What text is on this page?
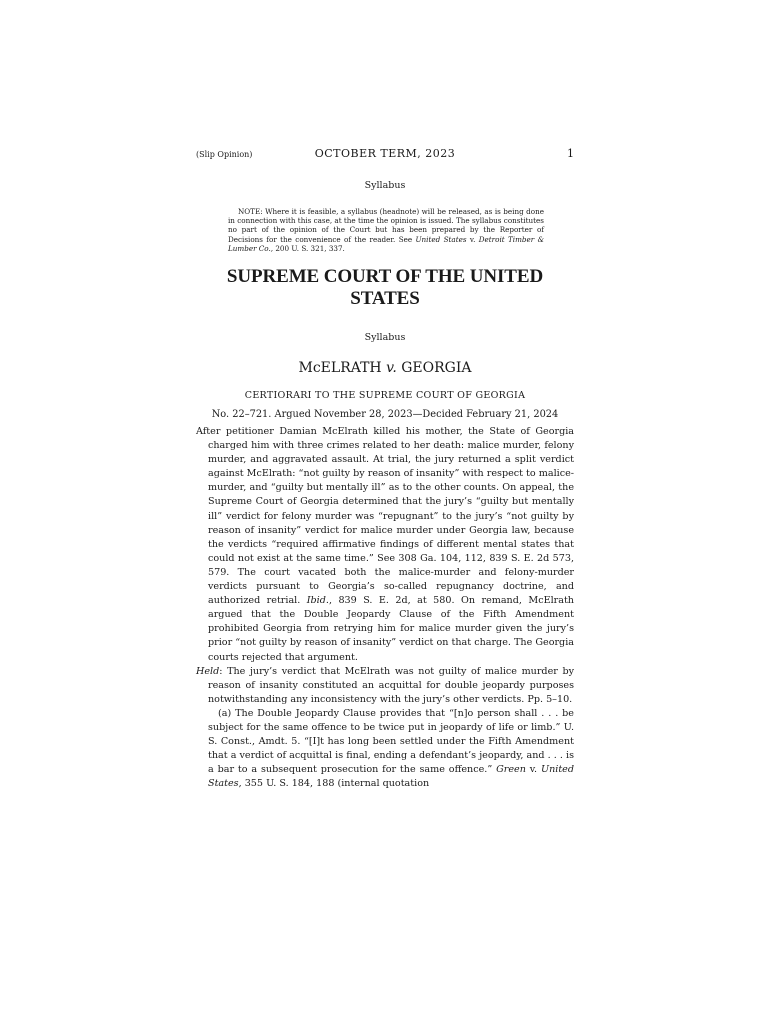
(Slip Opinion)	OCTOBER TERM, 2023	1
Syllabus
NOTE: Where it is feasible, a syllabus (headnote) will be released, as is being done in connection with this case, at the time the opinion is issued. The syllabus constitutes no part of the opinion of the Court but has been prepared by the Reporter of Decisions for the convenience of the reader. See United States v. Detroit Timber & Lumber Co., 200 U. S. 321, 337.
SUPREME COURT OF THE UNITED STATES
Syllabus
McELRATH v. GEORGIA
CERTIORARI TO THE SUPREME COURT OF GEORGIA
No. 22–721. Argued November 28, 2023—Decided February 21, 2024

After petitioner Damian McElrath killed his mother, the State of Georgia charged him with three crimes related to her death: malice murder, felony murder, and aggravated assault. At trial, the jury returned a split verdict against McElrath: “not guilty by reason of insanity” with respect to malice-murder, and “guilty but mentally ill” as to the other counts. On appeal, the Supreme Court of Georgia determined that the jury’s “guilty but mentally ill” verdict for felony murder was “repugnant” to the jury’s “not guilty by reason of insanity” verdict for malice murder under Georgia law, because the verdicts “required affirmative findings of different mental states that could not exist at the same time.” See 308 Ga. 104, 112, 839 S. E. 2d 573, 579. The court vacated both the malice-murder and felony-murder verdicts pursuant to Georgia’s so-called repugnancy doctrine, and authorized retrial. Ibid., 839 S. E. 2d, at 580. On remand, McElrath argued that the Double Jeopardy Clause of the Fifth Amendment prohibited Georgia from retrying him for malice murder given the jury’s prior “not guilty by reason of insanity” verdict on that charge. The Georgia courts rejected that argument.

Held: The jury’s verdict that McElrath was not guilty of malice murder by reason of insanity constituted an acquittal for double jeopardy purposes notwithstanding any inconsistency with the jury’s other verdicts. Pp. 5–10.

(a) The Double Jeopardy Clause provides that “[n]o person shall . . . be subject for the same offence to be twice put in jeopardy of life or limb.” U. S. Const., Amdt. 5. “[I]t has long been settled under the Fifth Amendment that a verdict of acquittal is final, ending a defendant’s jeopardy, and . . . is a bar to a subsequent prosecution for the same offence.” Green v. United States, 355 U. S. 184, 188 (internal quotation
